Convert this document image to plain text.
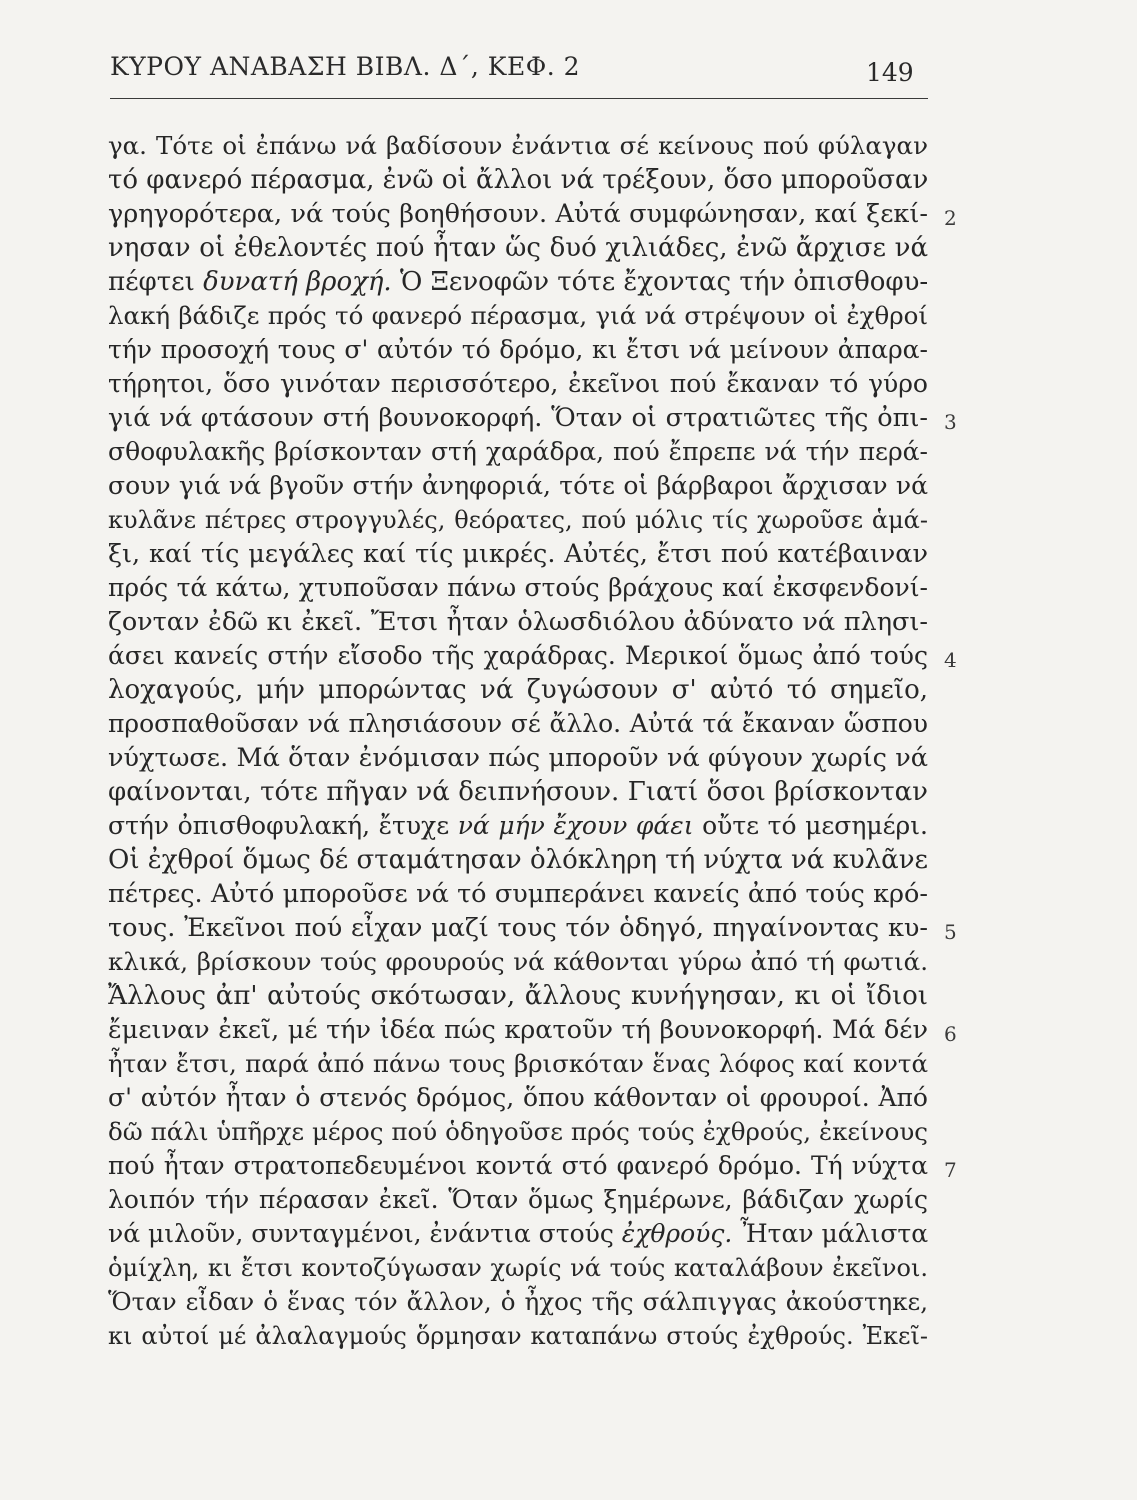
ΚΥΡΟΥ ΑΝΑΒΑΣΗ ΒΙΒΛ. Δ΄, ΚΕΦ. 2	149
γα. Τότε οἱ ἐπάνω νά βαδίσουν ἐνάντια σέ κείνους πού φύλαγαν
τό φανερό πέρασμα, ἐνῶ οἱ ἄλλοι νά τρέξουν, ὅσο μποροῦσαν
γρηγορότερα, νά τούς βοηθήσουν. Αὐτά συμφώνησαν, καί ξεκί-
νησαν οἱ ἐθελοντές πού ἦταν ὥς δυό χιλιάδες, ἐνῶ ἄρχισε νά
πέφτει δυνατή βροχή. Ὁ Ξενοφῶν τότε ἔχοντας τήν ὀπισθοφυ-
λακή βάδιζε πρός τό φανερό πέρασμα, γιά νά στρέψουν οἱ ἐχθροί
τήν προσοχή τους σ' αὐτόν τό δρόμο, κι ἔτσι νά μείνουν ἀπαρα-
τήρητοι, ὅσο γινόταν περισσότερο, ἐκεῖνοι πού ἔκαναν τό γύρο
γιά νά φτάσουν στή βουνοκορφή. Ὅταν οἱ στρατιῶτες τῆς ὀπι-
σθοφυλακῆς βρίσκονταν στή χαράδρα, πού ἔπρεπε νά τήν περά-
σουν γιά νά βγοῦν στήν ἀνηφοριά, τότε οἱ βάρβαροι ἄρχισαν νά
κυλᾶνε πέτρες στρογγυλές, θεόρατες, πού μόλις τίς χωροῦσε ἁμά-
ξι, καί τίς μεγάλες καί τίς μικρές. Αὐτές, ἔτσι πού κατέβαιναν
πρός τά κάτω, χτυποῦσαν πάνω στούς βράχους καί ἐκσφενδονί-
ζονταν ἐδῶ κι ἐκεῖ. Ἔτσι ἦταν ὁλωσδιόλου ἀδύνατο νά πλησι-
άσει κανείς στήν εἴσοδο τῆς χαράδρας. Μερικοί ὅμως ἀπό τούς
λοχαγούς, μήν μπορώντας νά ζυγώσουν σ' αὐτό τό σημεῖο,
προσπαθοῦσαν νά πλησιάσουν σέ ἄλλο. Αὐτά τά ἔκαναν ὥσπου
νύχτωσε. Μά ὅταν ἐνόμισαν πώς μποροῦν νά φύγουν χωρίς νά
φαίνονται, τότε πῆγαν νά δειπνήσουν. Γιατί ὅσοι βρίσκονταν
στήν ὀπισθοφυλακή, ἔτυχε νά μήν ἔχουν φάει οὔτε τό μεσημέρι.
Οἱ ἐχθροί ὅμως δέ σταμάτησαν ὁλόκληρη τή νύχτα νά κυλᾶνε
πέτρες. Αὐτό μποροῦσε νά τό συμπεράνει κανείς ἀπό τούς κρό-
τους. Ἐκεῖνοι πού εἶχαν μαζί τους τόν ὁδηγό, πηγαίνοντας κυ-
κλικά, βρίσκουν τούς φρουρούς νά κάθονται γύρω ἀπό τή φωτιά.
Ἄλλους ἀπ' αὐτούς σκότωσαν, ἄλλους κυνήγησαν, κι οἱ ἴδιοι
ἔμειναν ἐκεῖ, μέ τήν ἰδέα πώς κρατοῦν τή βουνοκορφή. Μά δέν
ἦταν ἔτσι, παρά ἀπό πάνω τους βρισκόταν ἕνας λόφος καί κοντά
σ' αὐτόν ἦταν ὁ στενός δρόμος, ὅπου κάθονταν οἱ φρουροί. Ἀπό
δῶ πάλι ὑπῆρχε μέρος πού ὁδηγοῦσε πρός τούς ἐχθρούς, ἐκείνους
πού ἦταν στρατοπεδευμένοι κοντά στό φανερό δρόμο. Τή νύχτα
λοιπόν τήν πέρασαν ἐκεῖ. Ὅταν ὅμως ξημέρωνε, βάδιζαν χωρίς
νά μιλοῦν, συνταγμένοι, ἐνάντια στούς ἐχθρούς. Ἦταν μάλιστα
ὁμίχλη, κι ἔτσι κοντοζύγωσαν χωρίς νά τούς καταλάβουν ἐκεῖνοι.
Ὅταν εἶδαν ὁ ἕνας τόν ἄλλον, ὁ ἦχος τῆς σάλπιγγας ἀκούστηκε,
κι αὐτοί μέ ἀλαλαγμούς ὅρμησαν καταπάνω στούς ἐχθρούς. Ἐκεῖ-
2
3
4
5
6
7
